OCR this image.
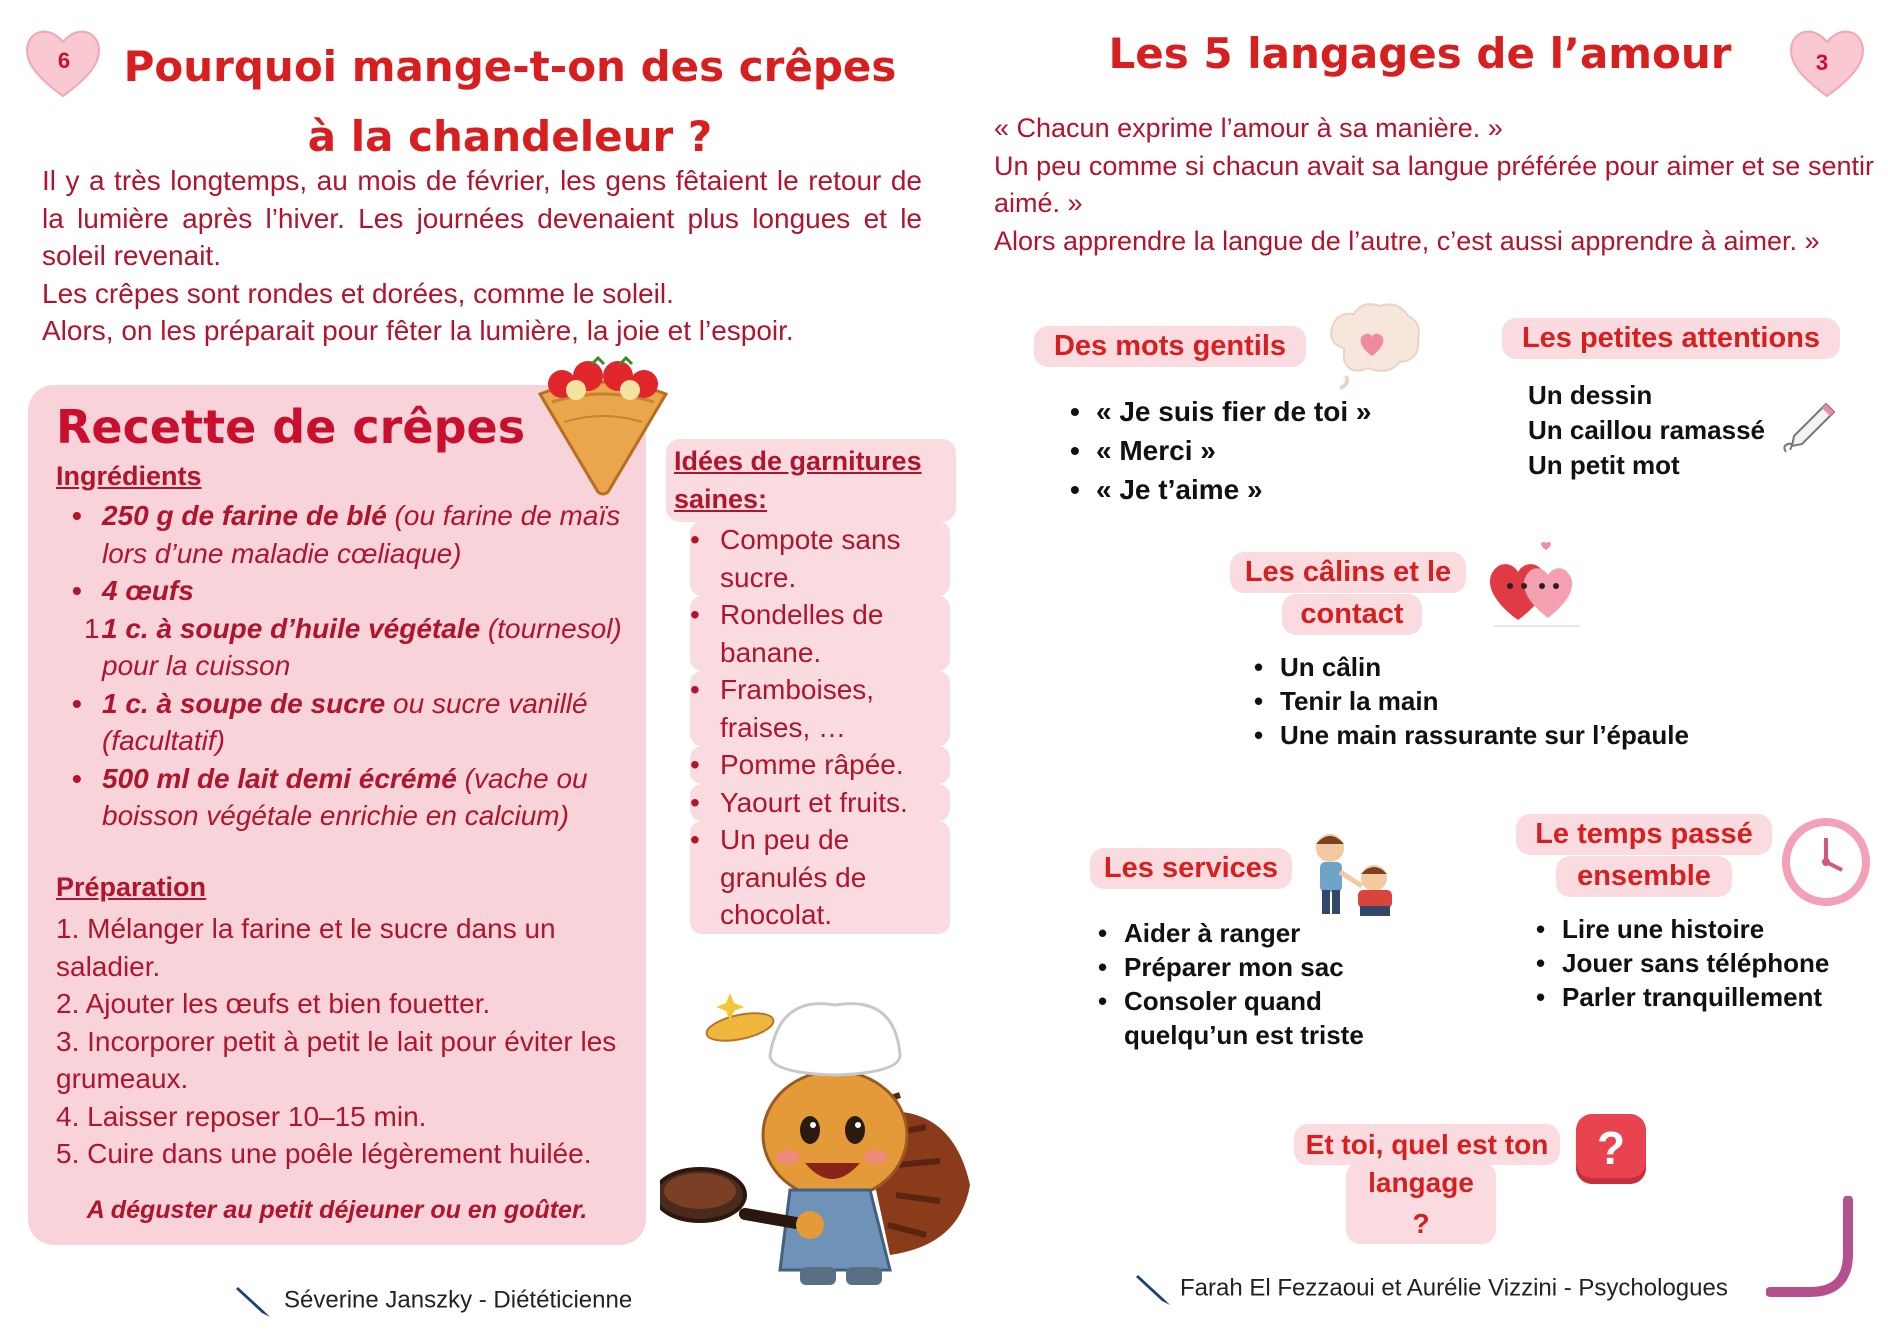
6	Pourquoi mange-t-on des crêpes
à la chandeleur ?
Il y a très longtemps, au mois de février, les gens fêtaient le retour de la lumière après l’hiver. Les journées devenaient plus longues et le soleil revenait.
Les crêpes sont rondes et dorées, comme le soleil.
Alors, on les préparait pour fêter la lumière, la joie et l’espoir.
Recette de crêpes
Ingrédients
• 250 g de farine de blé (ou farine de maïs lors d’une maladie cœliaque)
• 4 œufs
1.
1 c. à soupe d’huile végétale (tournesol) pour la cuisson
• 1 c. à soupe de sucre ou sucre vanillé (facultatif)
• 500 ml de lait demi écrémé (vache ou boisson végétale enrichie en calcium)
Préparation
1. Mélanger la farine et le sucre dans un saladier.
2. Ajouter les œufs et bien fouetter.
3. Incorporer petit à petit le lait pour éviter les grumeaux.
4. Laisser reposer 10–15 min.
5. Cuire dans une poêle légèrement huilée.
A déguster au petit déjeuner ou en goûter.
Idées de garnitures saines:
• Compote sans sucre.
• Rondelles de banane.
• Framboises, fraises, …
• Pomme râpée.
• Yaourt et fruits.
• Un peu de granulés de chocolat.
Séverine Janszky - Diététicienne
Les 5 langages de l’amour	3
« Chacun exprime l’amour à sa manière. »
Un peu comme si chacun avait sa langue préférée pour aimer et se sentir aimé. »
Alors apprendre la langue de l’autre, c’est aussi apprendre à aimer. »
Des mots gentils
• « Je suis fier de toi »
• « Merci »
• « Je t’aime »
Les petites attentions
Un dessin
Un caillou ramassé
Un petit mot
Les câlins et le
contact
• Un câlin
• Tenir la main
• Une main rassurante sur l’épaule
Les services
• Aider à ranger
• Préparer mon sac
• Consoler quand quelqu’un est triste
Le temps passé
ensemble
• Lire une histoire
• Jouer sans téléphone
• Parler tranquillement
Et toi, quel est ton
langage ?
?
Farah El Fezzaoui et Aurélie Vizzini - Psychologues
